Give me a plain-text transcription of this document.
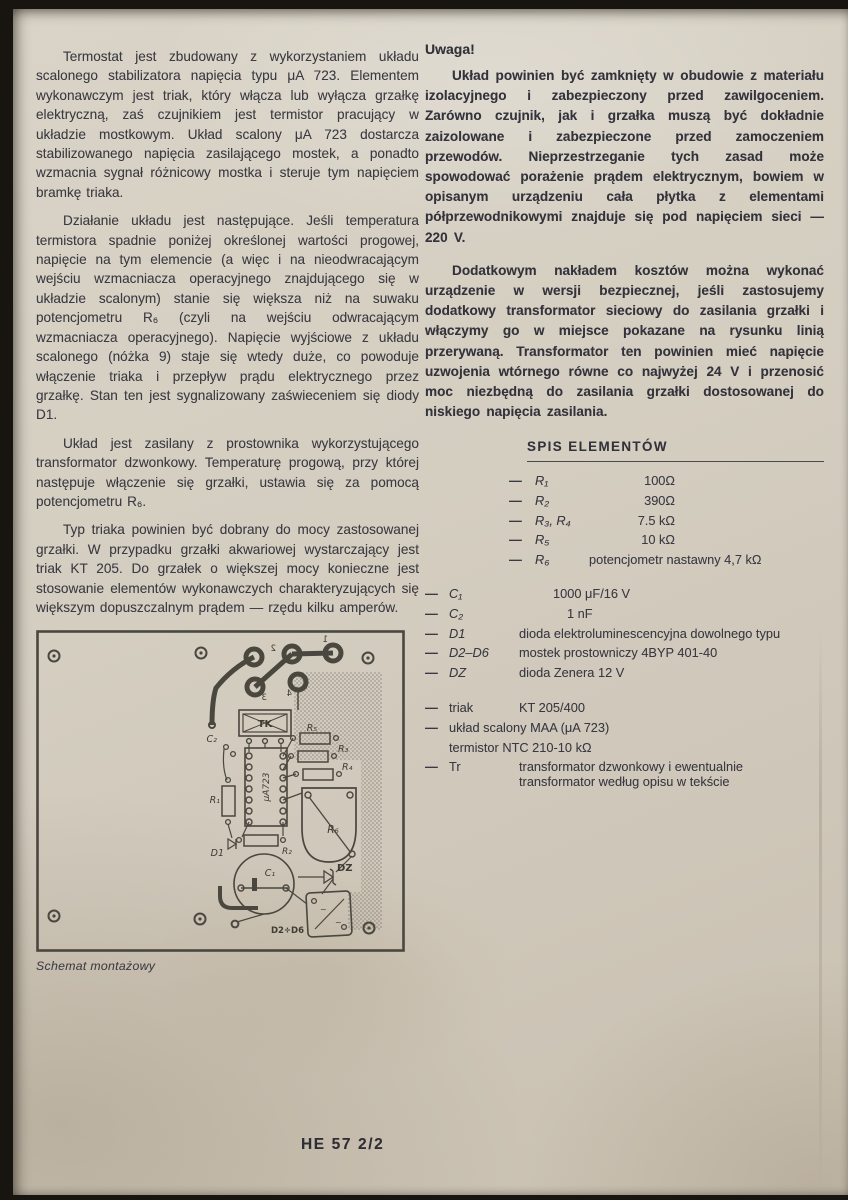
Termostat jest zbudowany z wykorzystaniem układu scalonego stabilizatora napięcia typu μA 723. Elementem wykonawczym jest triak, który włącza lub wyłącza grzałkę elektryczną, zaś czujnikiem jest termistor pracujący w układzie mostkowym. Układ scalony μA 723 dostarcza stabilizowanego napięcia zasilającego mostek, a ponadto wzmacnia sygnał różnicowy mostka i steruje tym napięciem bramkę triaka.

Działanie układu jest następujące. Jeśli temperatura termistora spadnie poniżej określonej wartości progowej, napięcie na tym elemencie (a więc i na nieodwracającym wejściu wzmacniacza operacyjnego znajdującego się w układzie scalonym) stanie się większa niż na suwaku potencjometru R₆ (czyli na wejściu odwracającym wzmacniacza operacyjnego). Napięcie wyjściowe z układu scalonego (nóżka 9) staje się wtedy duże, co powoduje włączenie triaka i przepływ prądu elektrycznego przez grzałkę. Stan ten jest sygnalizowany zaświeceniem się diody D1.

Układ jest zasilany z prostownika wykorzystującego transformator dzwonkowy. Temperaturę progową, przy której następuje włączenie się grzałki, ustawia się za pomocą potencjometru R₆.

Typ triaka powinien być dobrany do mocy zastosowanej grzałki. W przypadku grzałki akwariowej wystarczający jest triak KT 205. Do grzałek o większej mocy konieczne jest stosowanie elementów wykonawczych charakteryzujących się większym dopuszczalnym prądem — rzędu kilku amperów.

2
1
3 4
TK
μA723
C₂
R₁
R₅
R₃
R₄
R₆
D1	R₂
C₁	DZ
~
~
D2÷D6
Schemat montażowy
Uwaga!

Układ powinien być zamknięty w obudowie z materiału izolacyjnego i zabezpieczony przed zawilgoceniem. Zarówno czujnik, jak i grzałka muszą być dokładnie zaizolowane i zabezpieczone przed zamoczeniem przewodów. Nieprzestrzeganie tych zasad może spowodować porażenie prądem elektrycznym, bowiem w opisanym urządzeniu cała płytka z elementami półprzewodnikowymi znajduje się pod napięciem sieci — 220 V.

Dodatkowym nakładem kosztów można wykonać urządzenie w wersji bezpiecznej, jeśli zastosujemy dodatkowy transformator sieciowy do zasilania grzałki i włączymy go w miejsce pokazane na rysunku linią przerywaną. Transformator ten powinien mieć napięcie uzwojenia wtórnego równe co najwyżej 24 V i przenosić moc niezbędną do zasilania grzałki dostosowanej do niskiego napięcia zasilania.

SPIS ELEMENTÓW
—	R₁	100Ω
—	R₂	390Ω
—	R₃, R₄	7.5 kΩ
—	R₅	10 kΩ
—	R₆	potencjometr nastawny 4,7 kΩ
— C₁	1000 μF/16 V
— C₂	1 nF
— D1	dioda elektroluminescencyjna dowolnego typu
— D2–D6	mostek prostowniczy 4BYP 401-40
— DZ	dioda Zenera 12 V
— triak	KT 205/400
— układ scalony MAA (μA 723)
termistor NTC 210-10 kΩ
— Tr	transformator dzwonkowy i ewentualnie transformator według opisu w tekście
HE 57 2/2
